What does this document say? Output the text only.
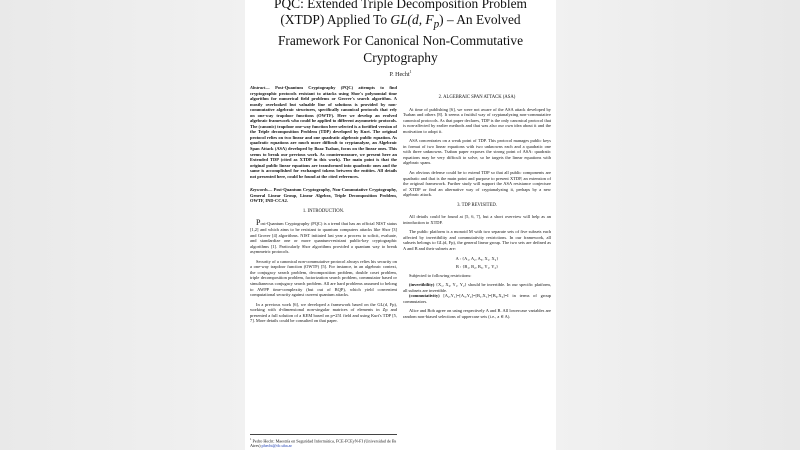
PQC: Extended Triple Decomposition Problem
(XTDP) Applied To GL(d, $F_p$) – An Evolved
Framework For Canonical Non-Commutative
Cryptography
P. Hecht$^1$

Abstract— Post-Quantum Cryptography (PQC) attempts to find cryptographic protocols resistant to attacks using Shor's polynomial time algorithm for numerical field problems or Grover's search algorithm. A mostly overlooked but valuable line of solutions is provided by non-commutative algebraic structures, specifically canonical protocols that rely on one-way trapdoor functions (OWTF). Here we develop an evolved algebraic framework who could be applied to different asymmetric protocols. The (canonic) trapdoor one-way function here selected is a fortified version of the Triple decomposition Problem (TDP) developed by Kurt. The original protocol relies on two linear and one quadratic algebraic public equation. As quadratic equations are much more difficult to cryptanalyze, an Algebraic Span Attack (ASA) developed by Boaz Tsaban, focus on the linear ones. This seems to break our previous work. As countermeasure, we present here an Extended TDP (cited as XTDP in this work). The main point is that the original public linear equations are transformed into quadratic ones and the same is accomplished for exchanged tokens between the entities. All details not presented here, could be found at the cited references.

Keywords— Post-Quantum Cryptography, Non-Commutative Cryptography, General Linear Group, Linear Algebra, Triple Decomposition Problem, OWTF, IND-CCA2.

1. INTRODUCTION.

Post-Quantum Cryptography (PQC) is a trend that has an official NIST status [1,2] and which aims to be resistant to quantum computers attacks like Shor [3] and Grover [4] algorithms. NIST initiated last year a process to solicit, evaluate, and standardize one or more quantum-resistant public-key cryptographic algorithms [1]. Particularly Shor algorithms provided a quantum way to break asymmetric protocols.

Security of a canonical non-commutative protocol always relies his security on a one-way trapdoor function (OWTF) [5]. For instance, in an algebraic context, the conjugacy search problem, decomposition problem, double coset problem, triple decomposition problem, factorization search problem, commutator based or simultaneous conjugacy search problem. All are hard problems assumed to belong to AWPP time-complexity (but out of BQP), which yield convenient computational security against current quantum attacks.

In a previous work [6], we developed a framework based on the GL(d, Fp), working with d-dimensional non-singular matrices of elements in Zp and presented a full solution of a KEM based on p=251 field and using Kurt's TDP [5, 7]. More details could be consulted on that paper.

$^1$ Pedro Hecht: Maestría en Seguridad Informática, FCE-FCEyN-FI (Universidad de Bs Aires) phecht@dc.uba.ar
2. ALGEBRAIC SPAN ATTACK (ASA)

At time of publishing [6], we were not aware of the ASA attack developed by Tsaban and others [8]. It seems a fruitful way of cryptanalyzing non-commutative canonical protocols. As that paper declares, TDP is the only canonical protocol that is non-affected by earlier methods and that was also our own idea about it and the motivation to adopt it.

ASA concentrates on a weak point of TDP. This protocol manages public keys in format of two linear equations with two unknowns each and a quadratic one with three unknowns. Tsaban paper exposes the strong point of ASA: quadratic equations may be very difficult to solve, so he targets the linear equations with algebraic spans.

An obvious defense could be to extend TDP so that all public components are quadratic and that is the main point and purpose to present XTDP, an extension of the original framework. Further study will support the ASA resistance conjecture of XTDP or find an alternative way of cryptanalyzing it, perhaps by a new algebraic attack.

3. TDP REVISITED.

All details could be found at [5, 6, 7], but a short overview will help as an introduction to XTDP.

The public platform is a monoid M with two separate sets of five subsets each affected by invertibility and commutativity restrictions. In our framework, all subsets belongs to GL(d, Fp), the general linear group. The two sets are defined as A and B and their subsets are:

A : {A₁, A₂, A₃, X₁, X₂}

B : {B₁, B₂, B₃, Y₁, Y₂}

Subjected to following restrictions:

(invertibility) {X₁, X₂, Y₁, Y₂} should be invertible. In our specific platform, all subsets are invertible.

(commutativity) [A₂,Y₁]=[A₃,Y₂]=[B₁,X₁]=[B₂,X₂]=I in terms of group commutators.

Alice and Bob agree on using respectively A and B. All lowercase variables are random non-biased selections of uppercase sets (i.e., a ∈ A).
